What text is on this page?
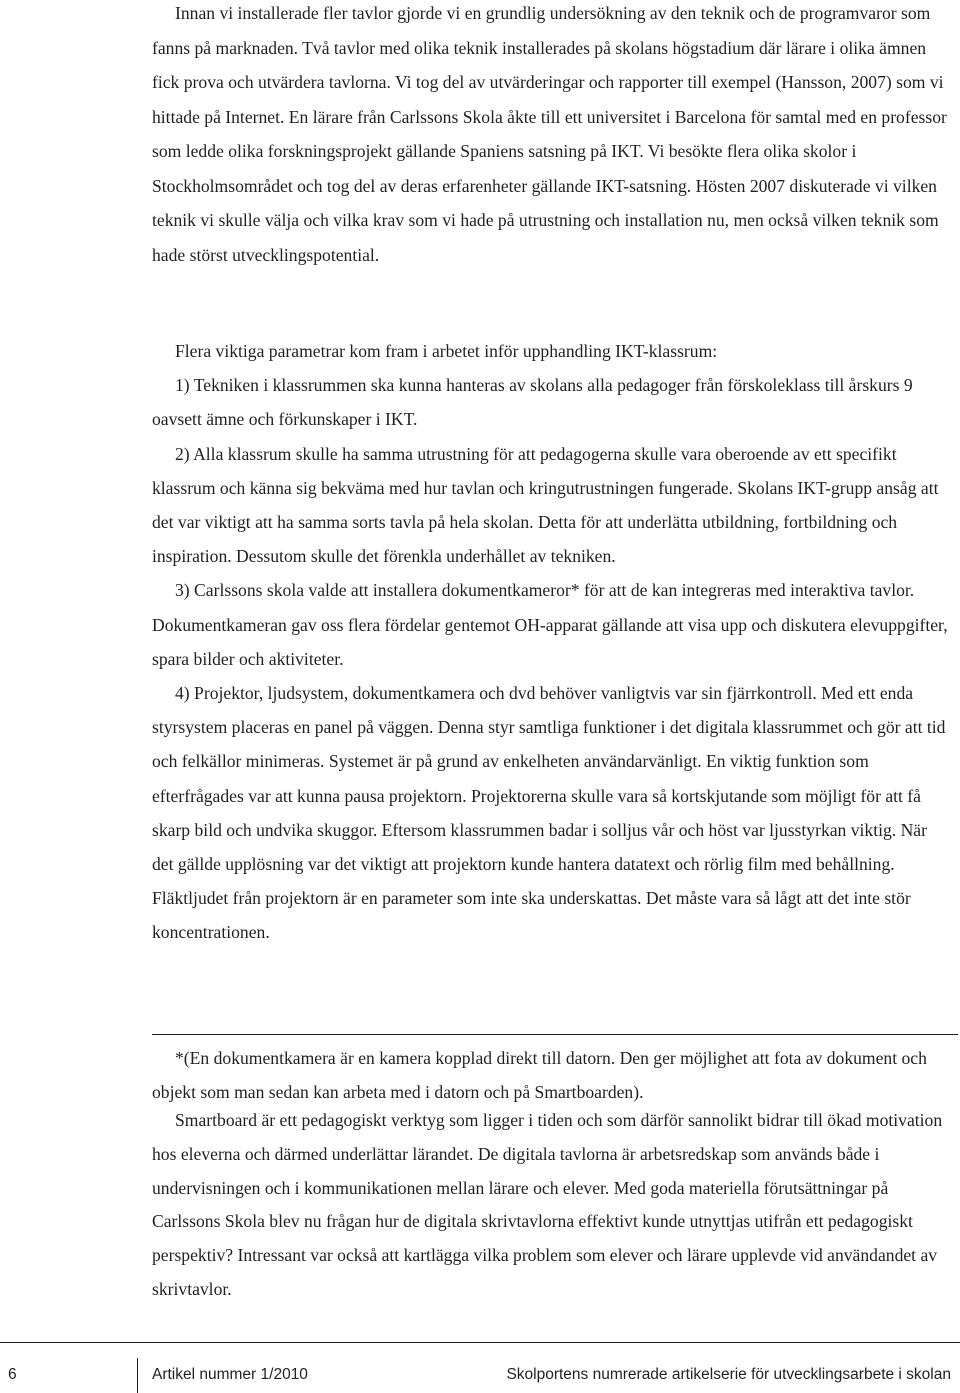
Innan vi installerade fler tavlor gjorde vi en grundlig undersökning av den teknik och de programvaror som fanns på marknaden. Två tavlor med olika teknik installerades på skolans högstadium där lärare i olika ämnen fick prova och utvärdera tavlorna. Vi tog del av utvärderingar och rapporter till exempel (Hansson, 2007) som vi hittade på Internet. En lärare från Carlssons Skola åkte till ett universitet i Barcelona för samtal med en professor som ledde olika forskningsprojekt gällande Spaniens satsning på IKT. Vi besökte flera olika skolor i Stockholmsområdet och tog del av deras erfarenheter gällande IKT-satsning. Hösten 2007 diskuterade vi vilken teknik vi skulle välja och vilka krav som vi hade på utrustning och installation nu, men också vilken teknik som hade störst utvecklingspotential.
Flera viktiga parametrar kom fram i arbetet inför upphandling IKT-klassrum:
1) Tekniken i klassrummen ska kunna hanteras av skolans alla pedagoger från förskoleklass till årskurs 9 oavsett ämne och förkunskaper i IKT.
2) Alla klassrum skulle ha samma utrustning för att pedagogerna skulle vara oberoende av ett specifikt klassrum och känna sig bekväma med hur tavlan och kringutrustningen fungerade. Skolans IKT-grupp ansåg att det var viktigt att ha samma sorts tavla på hela skolan. Detta för att underlätta utbildning, fortbildning och inspiration. Dessutom skulle det förenkla underhållet av tekniken.
3) Carlssons skola valde att installera dokumentkameror* för att de kan integreras med interaktiva tavlor. Dokumentkameran gav oss flera fördelar gentemot OH-apparat gällande att visa upp och diskutera elevuppgifter, spara bilder och aktiviteter.
4) Projektor, ljudsystem, dokumentkamera och dvd behöver vanligtvis var sin fjärrkontroll. Med ett enda styrsystem placeras en panel på väggen. Denna styr samtliga funktioner i det digitala klassrummet och gör att tid och felkällor minimeras. Systemet är på grund av enkelheten användarvänligt. En viktig funktion som efterfrågades var att kunna pausa projektorn. Projektorerna skulle vara så kortskjutande som möjligt för att få skarp bild och undvika skuggor. Eftersom klassrummen badar i solljus vår och höst var ljusstyrkan viktig. När det gällde upplösning var det viktigt att projektorn kunde hantera datatext och rörlig film med behållning. Fläktljudet från projektorn är en parameter som inte ska underskattas. Det måste vara så lågt att det inte stör koncentrationen.
*(En dokumentkamera är en kamera kopplad direkt till datorn. Den ger möjlighet att fota av dokument och objekt som man sedan kan arbeta med i datorn och på Smartboarden).
Smartboard är ett pedagogiskt verktyg som ligger i tiden och som därför sannolikt bidrar till ökad motivation hos eleverna och därmed underlättar lärandet. De digitala tavlorna är arbetsredskap som används både i undervisningen och i kommunikationen mellan lärare och elever. Med goda materiella förutsättningar på Carlssons Skola blev nu frågan hur de digitala skrivtavlorna effektivt kunde utnyttjas utifrån ett pedagogiskt perspektiv? Intressant var också att kartlägga vilka problem som elever och lärare upplevde vid användandet av skrivtavlor.
6	Artikel nummer 1/2010	Skolportens numrerade artikelserie för utvecklingsarbete i skolan
